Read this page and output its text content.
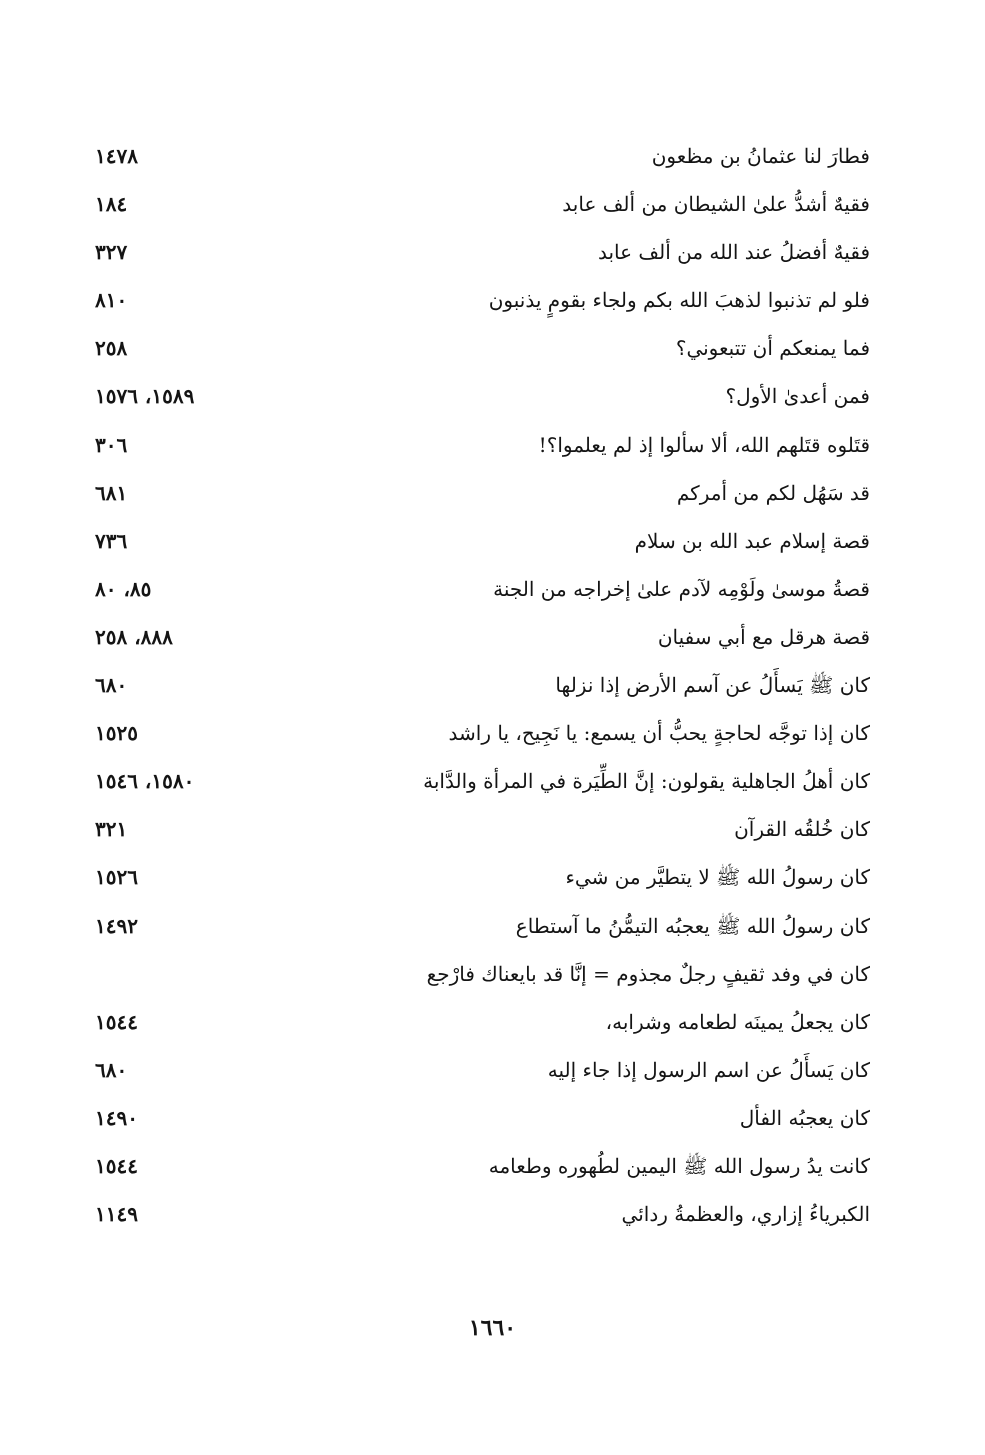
فطارَ لنا عثمانُ بن مظعون
١٤٧٨
فقيهٌ أشدُّ علىٰ الشيطان من ألف عابد
١٨٤
فقيهٌ أفضلُ عند الله من ألف عابد
٣٢٧
فلو لم تذنبوا لذهبَ الله بكم ولجاء بقومٍ يذنبون
٨١٠
فما يمنعكم أن تتبعوني؟
٢٥٨
فمن أعدىٰ الأول؟
١٥٨٩، ١٥٧٦
قتَلوه قتَلهم الله، ألا سألوا إذ لم يعلموا؟!
٣٠٦
قد سَهُل لكم من أمركم
٦٨١
قصة إسلام عبد الله بن سلام
٧٣٦
قصةُ موسىٰ ولَوْمِه لآدم علىٰ إخراجه من الجنة
٨٥، ٨٠
قصة هرقل مع أبي سفيان
٨٨٨، ٢٥٨
كان ﷺ يَسأَلُ عن آسم الأرض إذا نزلها
٦٨٠
كان إذا توجَّه لحاجةٍ يحبُّ أن يسمع: يا نَجِيح، يا راشد
١٥٢٥
كان أهلُ الجاهلية يقولون: إنَّ الطِّيَرة في المرأة والدَّابة
١٥٨٠، ١٥٤٦
كان خُلقُه القرآن
٣٢١
كان رسولُ الله ﷺ لا يتطيَّر من شيء
١٥٢٦
كان رسولُ الله ﷺ يعجبُه التيمُّنُ ما آستطاع
١٤٩٢
كان في وفد ثقيفٍ رجلٌ مجذوم = إنَّا قد بايعناك فارْجع
كان يجعلُ يمينَه لطعامه وشرابه،
١٥٤٤
كان يَسأَلُ عن اسم الرسول إذا جاء إليه
٦٨٠
كان يعجبُه الفأل
١٤٩٠
كانت يدُ رسول الله ﷺ اليمين لطُهوره وطعامه
١٥٤٤
الكبرياءُ إزاري، والعظمةُ ردائي
١١٤٩
١٦٦٠
